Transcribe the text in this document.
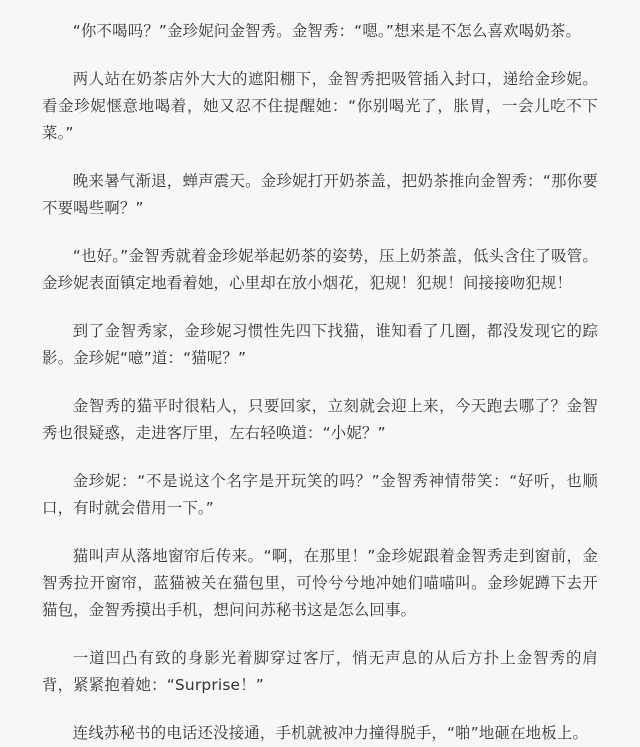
“你不喝吗？”金珍妮问金智秀。金智秀：“嗯。”想来是不怎么喜欢喝奶茶。

两人站在奶茶店外大大的遮阳棚下，金智秀把吸管插入封口，递给金珍妮。看金珍妮惬意地喝着，她又忍不住提醒她：“你别喝光了，胀胃，一会儿吃不下菜。”

晚来暑气渐退，蝉声震天。金珍妮打开奶茶盖，把奶茶推向金智秀：“那你要不要喝些啊？”

“也好。”金智秀就着金珍妮举起奶茶的姿势，压上奶茶盖，低头含住了吸管。金珍妮表面镇定地看着她，心里却在放小烟花，犯规！犯规！间接接吻犯规！

到了金智秀家，金珍妮习惯性先四下找猫，谁知看了几圈，都没发现它的踪影。金珍妮“噫”道：“猫呢？”

金智秀的猫平时很粘人，只要回家，立刻就会迎上来，今天跑去哪了？金智秀也很疑惑，走进客厅里，左右轻唤道：“小妮？”

金珍妮：“不是说这个名字是开玩笑的吗？”金智秀神情带笑：“好听，也顺口，有时就会借用一下。”

猫叫声从落地窗帘后传来。“啊，在那里！”金珍妮跟着金智秀走到窗前，金智秀拉开窗帘，蓝猫被关在猫包里，可怜兮兮地冲她们喵喵叫。金珍妮蹲下去开猫包，金智秀摸出手机，想问问苏秘书这是怎么回事。

一道凹凸有致的身影光着脚穿过客厅，悄无声息的从后方扑上金智秀的肩背，紧紧抱着她：“Surprise！”

连线苏秘书的电话还没接通，手机就被冲力撞得脱手，“啪”地砸在地板上。
